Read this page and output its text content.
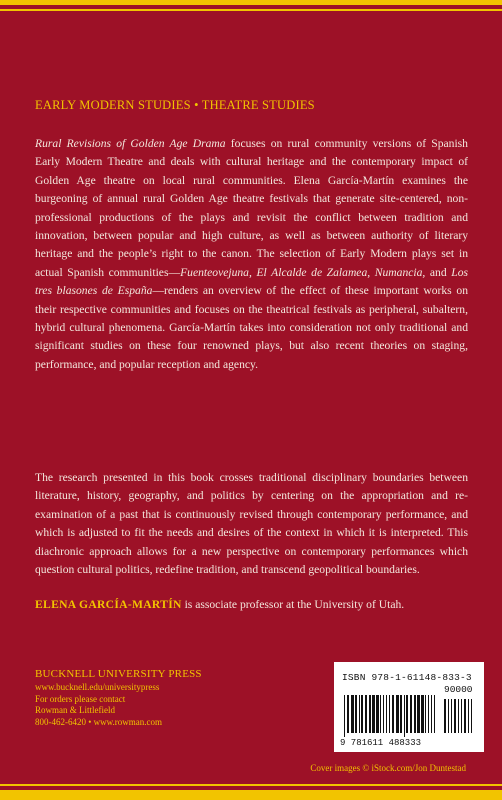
EARLY MODERN STUDIES • THEATRE STUDIES
Rural Revisions of Golden Age Drama focuses on rural community versions of Spanish Early Modern Theatre and deals with cultural heritage and the contemporary impact of Golden Age theatre on local rural communities. Elena García-Martín examines the burgeoning of annual rural Golden Age theatre festivals that generate site-centered, non-professional productions of the plays and revisit the conflict between tradition and innovation, between popular and high culture, as well as between authority of literary heritage and the people’s right to the canon. The selection of Early Modern plays set in actual Spanish communities—Fuenteovejuna, El Alcalde de Zalamea, Numancia, and Los tres blasones de España—renders an overview of the effect of these important works on their respective communities and focuses on the theatrical festivals as peripheral, subaltern, hybrid cultural phenomena. García-Martín takes into consideration not only traditional and significant studies on these four renowned plays, but also recent theories on staging, performance, and popular reception and agency.
The research presented in this book crosses traditional disciplinary boundaries between literature, history, geography, and politics by centering on the appropriation and re-examination of a past that is continuously revised through contemporary performance, and which is adjusted to fit the needs and desires of the context in which it is interpreted. This diachronic approach allows for a new perspective on contemporary performances which question cultural politics, redefine tradition, and transcend geopolitical boundaries.
ELENA GARCÍA-MARTÍN is associate professor at the University of Utah.
BUCKNELL UNIVERSITY PRESS
www.bucknell.edu/universitypress
For orders please contact
Rowman & Littlefield
800-462-6420 • www.rowman.com
ISBN 978-1-61148-833-3
90000
9 781611 488333
Cover images © iStock.com/Jon Duntestad
